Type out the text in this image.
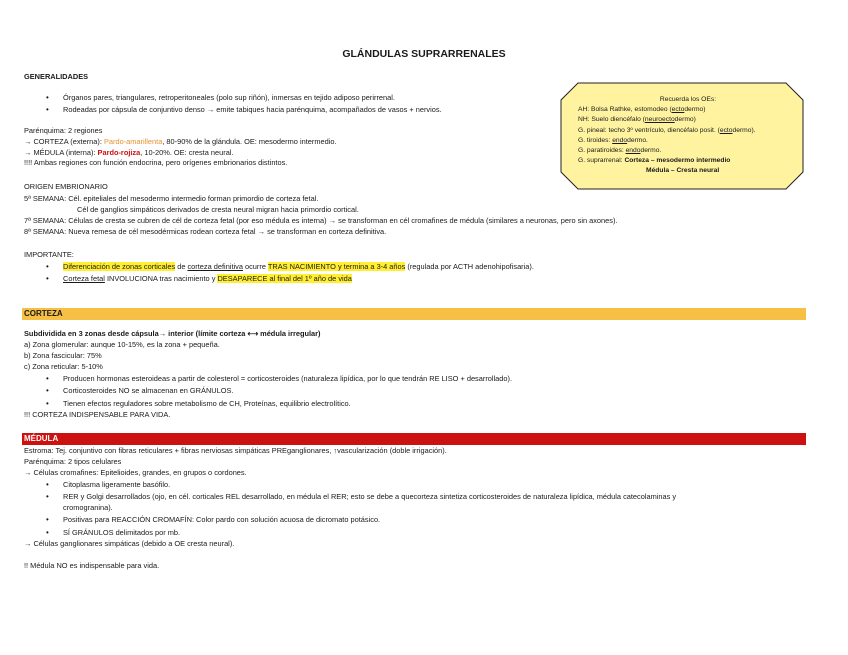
GLÁNDULAS SUPRARRENALES
GENERALIDADES
• Órganos pares, triangulares, retroperitoneales (polo sup riñón), inmersas en tejido adiposo perirrenal.
• Rodeadas por cápsula de conjuntivo denso → emite tabiques hacia parénquima, acompañados de vasos + nervios.
Parénquima: 2 regiones
→ CORTEZA (externa): Pardo-amarillenta, 80-90% de la glándula. OE: mesodermo intermedio.
→ MÉDULA (interna): Pardo-rojiza, 10-20%. OE: cresta neural.
!!!! Ambas regiones con función endocrina, pero orígenes embrionarios distintos.
ORIGEN EMBRIONARIO
5ª SEMANA: Cél. epiteliales del mesodermo intermedio forman primordio de corteza fetal.
Cél de ganglios simpáticos derivados de cresta neural migran hacia primordio cortical.
7ª SEMANA: Células de cresta se cubren de cél de corteza fetal (por eso médula es interna) → se transforman en cél cromafines de médula (similares a neuronas, pero sin axones).
8ª SEMANA: Nueva remesa de cél mesodérmicas rodean corteza fetal → se transforman en corteza definitiva.
IMPORTANTE:
• Diferenciación de zonas corticales de corteza definitiva ocurre TRAS NACIMIENTO y termina a 3-4 años (regulada por ACTH adenohipofisaria).
• Corteza fetal INVOLUCIONA tras nacimiento y DESAPARECE al final del 1º año de vida
CORTEZA
Subdividida en 3 zonas desde cápsula→ interior (límite corteza ⟷ médula irregular)
a) Zona glomerular: aunque 10-15%, es la zona + pequeña.
b) Zona fascicular: 75%
c) Zona reticular: 5-10%
• Producen hormonas esteroideas a partir de colesterol = corticosteroides (naturaleza lipídica, por lo que tendrán RE LISO + desarrollado).
• Corticosteroides NO se almacenan en GRÁNULOS.
• Tienen efectos reguladores sobre metabolismo de CH, Proteínas, equilibrio electrolítico.
!!! CORTEZA INDISPENSABLE PARA VIDA.
MÉDULA
Estroma: Tej. conjuntivo con fibras reticulares + fibras nerviosas simpáticas PREganglionares, ↑vascularización (doble irrigación).
Parénquima: 2 tipos celulares
→ Células cromafines: Epitelioides, grandes, en grupos o cordones.
• Citoplasma ligeramente basófilo.
• RER y Golgi desarrollados (ojo, en cél. corticales REL desarrollado, en médula el RER; esto se debe a quecorteza sintetiza corticosteroides de naturaleza lipídica, médula catecolaminas y
cromogranina).
• Positivas para REACCIÓN CROMAFÍN: Color pardo con solución acuosa de dicromato potásico.
• SÍ GRÁNULOS delimitados por mb.
→ Células ganglionares simpáticas (debido a OE cresta neural).
!! Médula NO es indispensable para vida.
Recuerda los OEs:
AH: Bolsa Rathke, estomodeo (ectodermo)
NH: Suelo diencéfalo (neuroectodermo)
G. pineal: techo 3º ventrículo, diencéfalo posit. (ectodermo).
G. tiroides: endodermo.
G. paratiroides: endodermo.
G. suprarrenal: Corteza – mesodermo intermedio
Médula – Cresta neural
